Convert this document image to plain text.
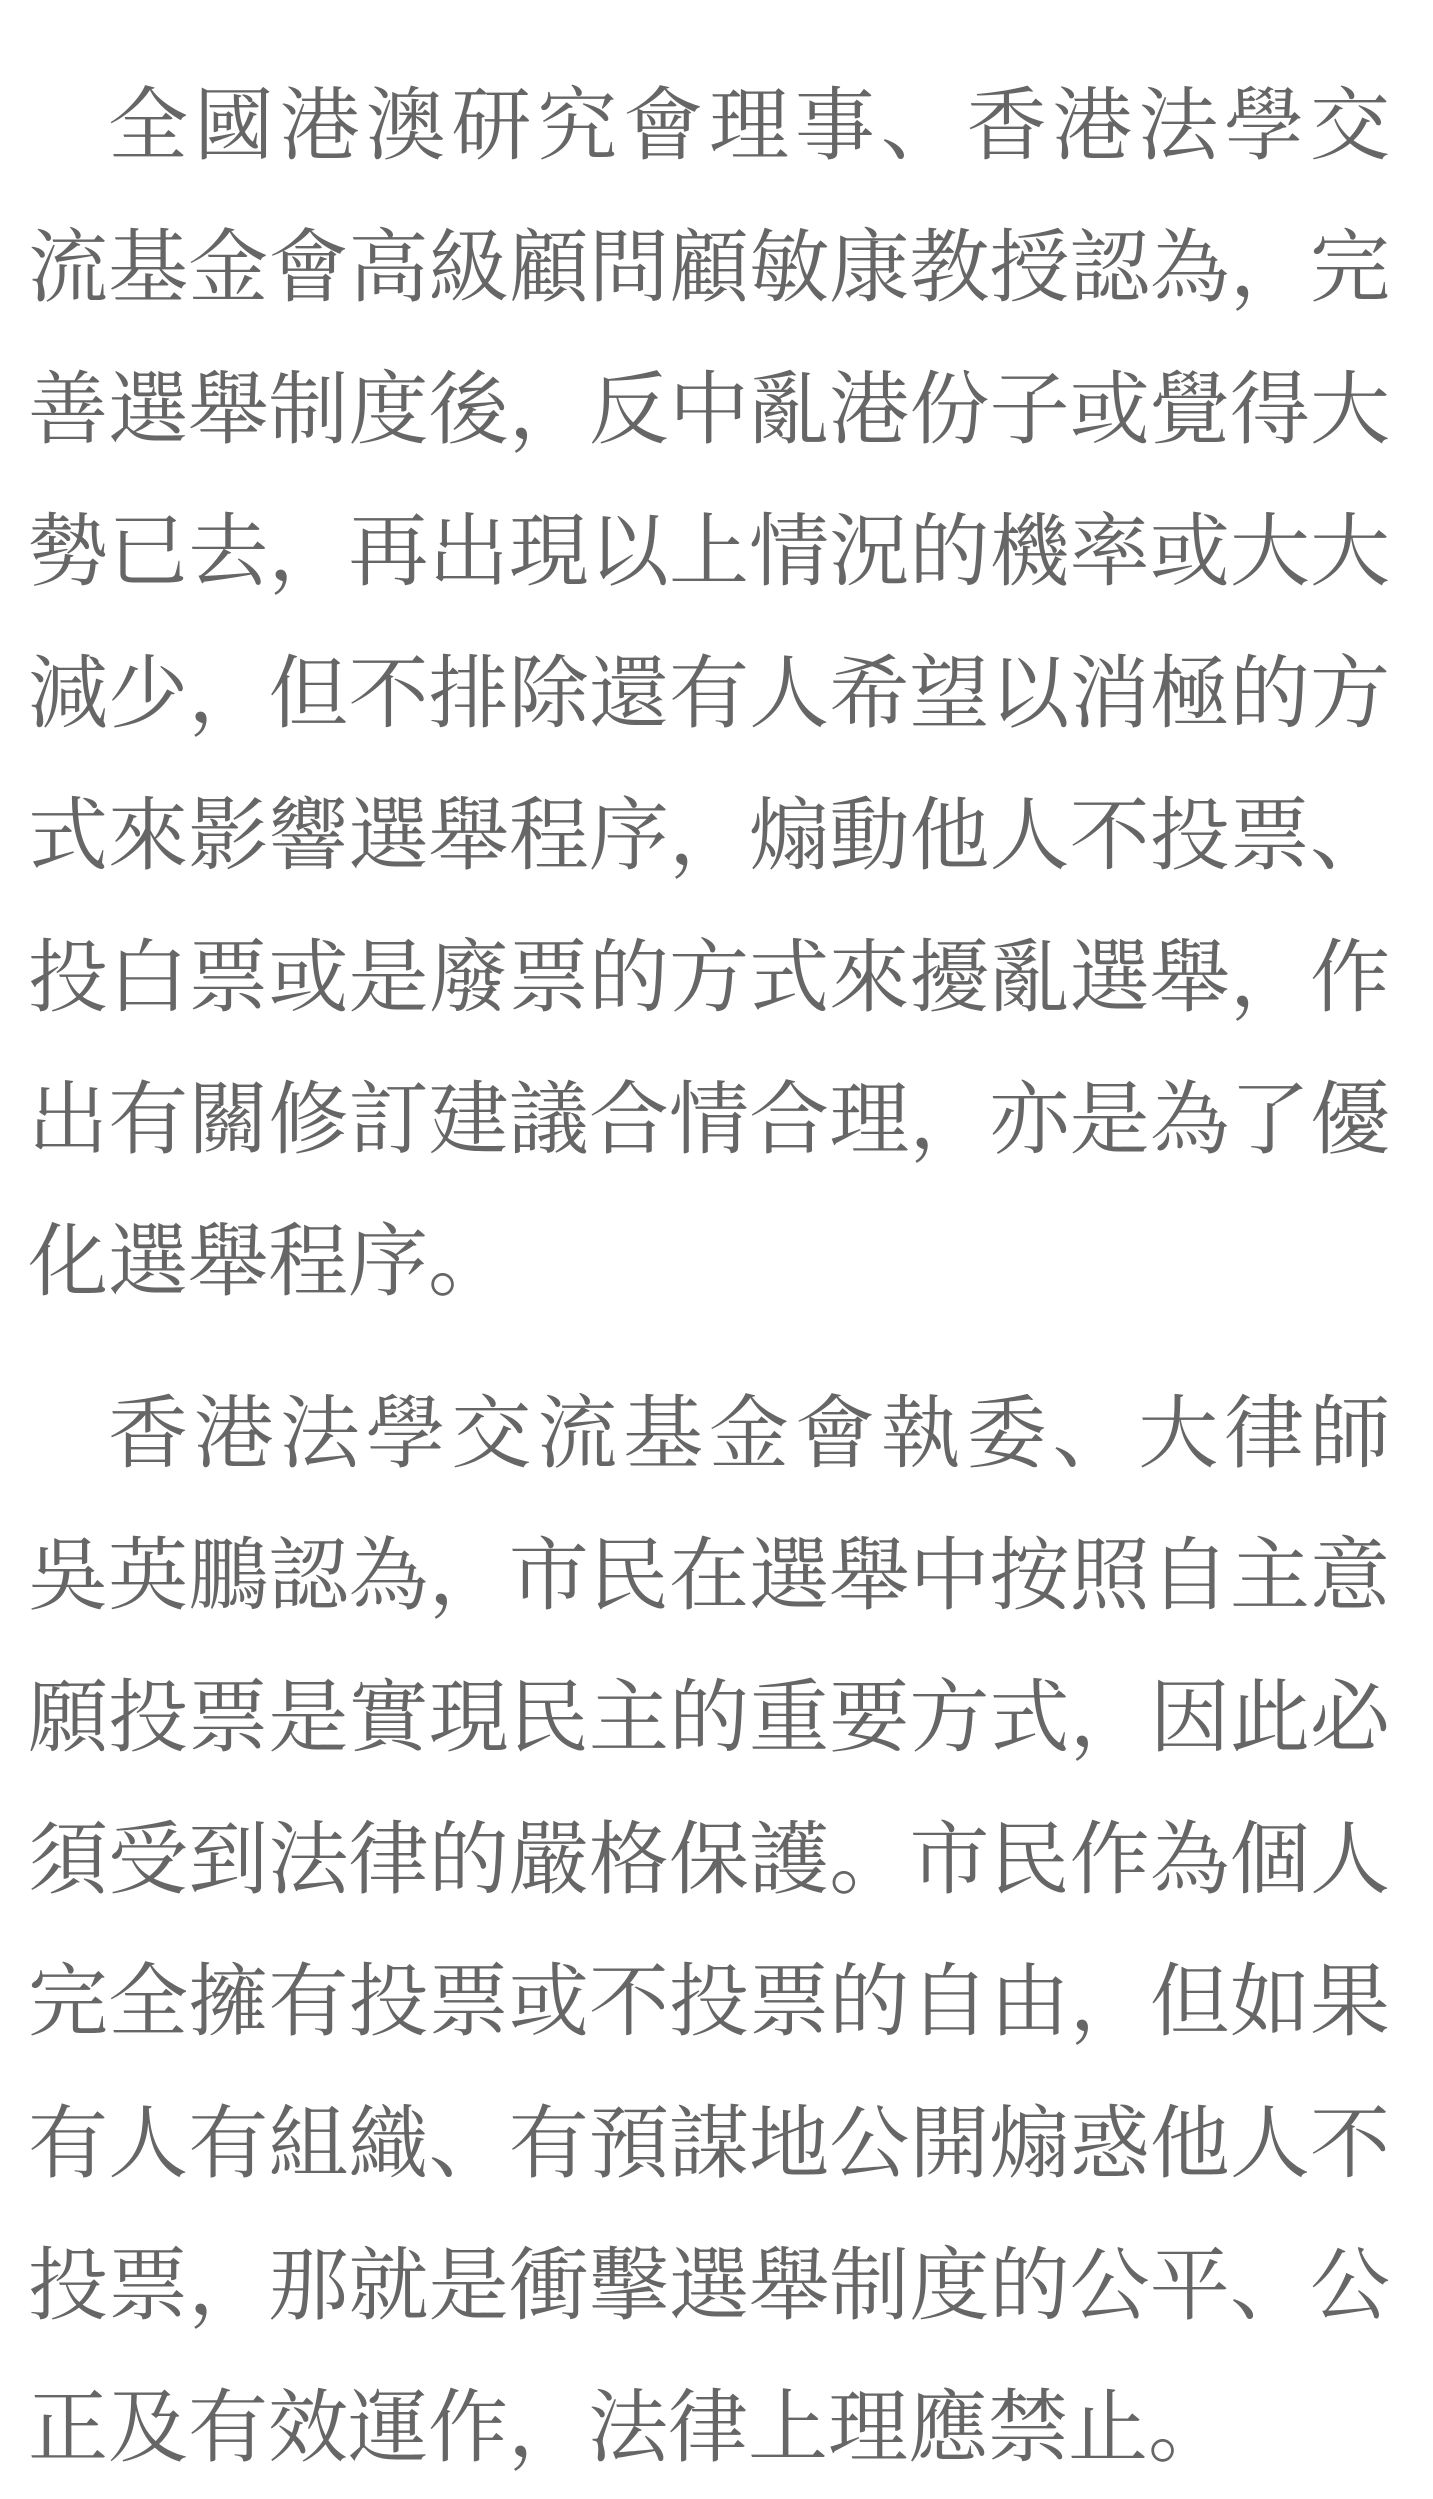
全國港澳研究會理事、香港法學交
流基金會高級顧問顧敏康教授認為，完
善選舉制度後，反中亂港份子或覺得大
勢已去，再出現以上情況的機率或大大
減少，但不排除還有人希望以消極的方
式來影響選舉程序，煽動他人不投票、
投白票或是廢票的方式來擾亂選舉，作
出有關修訂建議合情合理，亦是為了優
化選舉程序。

香港法學交流基金會執委、大律師
吳英鵬認為，市民在選舉中按照自主意
願投票是實現民主的重要方式，因此必
須受到法律的嚴格保護。市民作為個人
完全擁有投票或不投票的自由，但如果
有人有組織、有預謀地公開煽惑他人不
投票，那就是衝擊選舉制度的公平、公
正及有效運作，法律上理應禁止。
